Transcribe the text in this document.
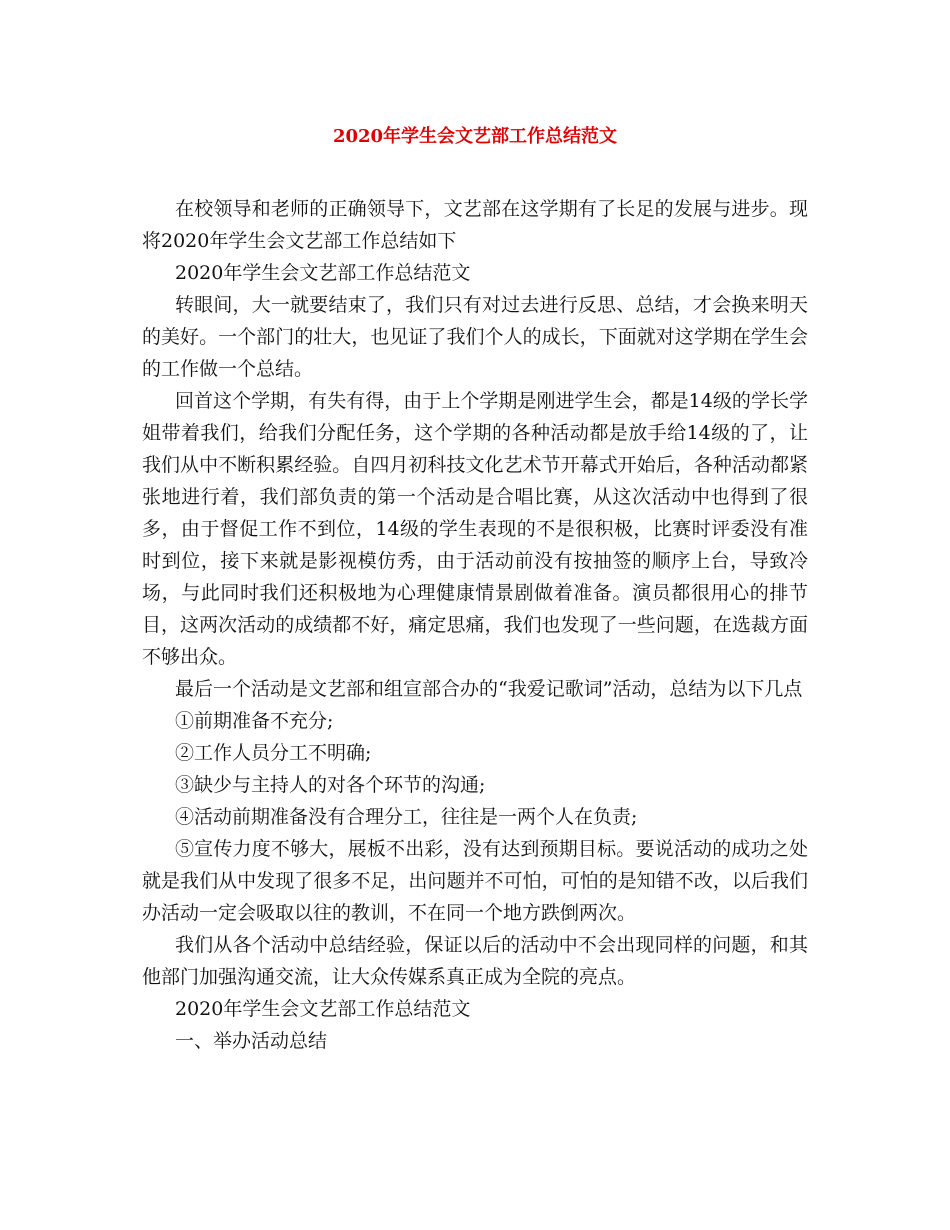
2020年学生会文艺部工作总结范文

在校领导和老师的正确领导下，文艺部在这学期有了长足的发展与进步。现将2020年学生会文艺部工作总结如下

2020年学生会文艺部工作总结范文

转眼间，大一就要结束了，我们只有对过去进行反思、总结，才会换来明天的美好。一个部门的壮大，也见证了我们个人的成长，下面就对这学期在学生会的工作做一个总结。

回首这个学期，有失有得，由于上个学期是刚进学生会，都是14级的学长学姐带着我们，给我们分配任务，这个学期的各种活动都是放手给14级的了，让我们从中不断积累经验。自四月初科技文化艺术节开幕式开始后，各种活动都紧张地进行着，我们部负责的第一个活动是合唱比赛，从这次活动中也得到了很多，由于督促工作不到位，14级的学生表现的不是很积极，比赛时评委没有准时到位，接下来就是影视模仿秀，由于活动前没有按抽签的顺序上台，导致冷场，与此同时我们还积极地为心理健康情景剧做着准备。演员都很用心的排节目，这两次活动的成绩都不好，痛定思痛，我们也发现了一些问题，在选裁方面不够出众。

最后一个活动是文艺部和组宣部合办的“我爱记歌词”活动，总结为以下几点

①前期准备不充分;

②工作人员分工不明确;

③缺少与主持人的对各个环节的沟通;

④活动前期准备没有合理分工，往往是一两个人在负责;

⑤宣传力度不够大，展板不出彩，没有达到预期目标。要说活动的成功之处就是我们从中发现了很多不足，出问题并不可怕，可怕的是知错不改，以后我们办活动一定会吸取以往的教训，不在同一个地方跌倒两次。

我们从各个活动中总结经验，保证以后的活动中不会出现同样的问题，和其他部门加强沟通交流，让大众传媒系真正成为全院的亮点。

2020年学生会文艺部工作总结范文

一、举办活动总结
